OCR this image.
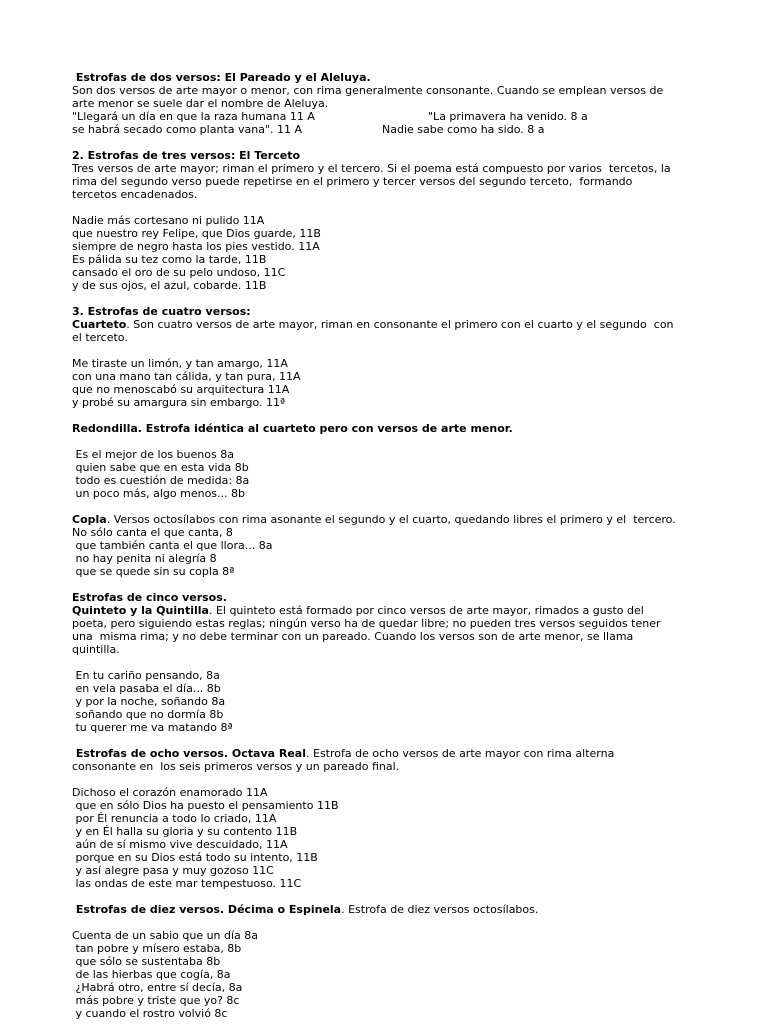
Estrofas de dos versos: El Pareado y el Aleluya.
Son dos versos de arte mayor o menor, con rima generalmente consonante. Cuando se emplean versos de
arte menor se suele dar el nombre de Aleluya.
"Llegará un día en que la raza humana 11 A	"La primavera ha venido. 8 a
se habrá secado como planta vana". 11 A	Nadie sabe como ha sido. 8 a
2. Estrofas de tres versos: El Terceto
Tres versos de arte mayor; riman el primero y el tercero. Si el poema está compuesto por varios  tercetos, la
rima del segundo verso puede repetirse en el primero y tercer versos del segundo terceto,  formando
tercetos encadenados.
Nadie más cortesano ni pulido 11A
que nuestro rey Felipe, que Dios guarde, 11B
siempre de negro hasta los pies vestido. 11A
Es pálida su tez como la tarde, 11B
cansado el oro de su pelo undoso, 11C
y de sus ojos, el azul, cobarde. 11B
3. Estrofas de cuatro versos:
Cuarteto. Son cuatro versos de arte mayor, riman en consonante el primero con el cuarto y el segundo  con
el terceto.
Me tiraste un limón, y tan amargo, 11A
con una mano tan cálida, y tan pura, 11A
que no menoscabó su arquitectura 11A
y probé su amargura sin embargo. 11ª
Redondilla. Estrofa idéntica al cuarteto pero con versos de arte menor.
Es el mejor de los buenos 8a
quien sabe que en esta vida 8b
todo es cuestión de medida: 8a
un poco más, algo menos... 8b
Copla. Versos octosílabos con rima asonante el segundo y el cuarto, quedando libres el primero y el  tercero.
No sólo canta el que canta, 8
que también canta el que llora... 8a
no hay penita ni alegría 8
que se quede sin su copla 8ª
Estrofas de cinco versos.
Quinteto y la Quintilla. El quinteto está formado por cinco versos de arte mayor, rimados a gusto del
poeta, pero siguiendo estas reglas; ningún verso ha de quedar libre; no pueden tres versos seguidos tener
una  misma rima; y no debe terminar con un pareado. Cuando los versos son de arte menor, se llama
quintilla.
En tu cariño pensando, 8a
en vela pasaba el día... 8b
y por la noche, soñando 8a
soñando que no dormía 8b
tu querer me va matando 8ª
Estrofas de ocho versos. Octava Real. Estrofa de ocho versos de arte mayor con rima alterna
consonante en  los seis primeros versos y un pareado final.
Dichoso el corazón enamorado 11A
que en sólo Dios ha puesto el pensamiento 11B
por Él renuncia a todo lo criado, 11A
y en Él halla su gloria y su contento 11B
aún de sí mismo vive descuidado, 11A
porque en su Dios está todo su intento, 11B
y así alegre pasa y muy gozoso 11C
las ondas de este mar tempestuoso. 11C
Estrofas de diez versos. Décima o Espinela. Estrofa de diez versos octosílabos.
Cuenta de un sabio que un día 8a
tan pobre y mísero estaba, 8b
que sólo se sustentaba 8b
de las hierbas que cogía, 8a
¿Habrá otro, entre sí decía, 8a
más pobre y triste que yo? 8c
y cuando el rostro volvió 8c
